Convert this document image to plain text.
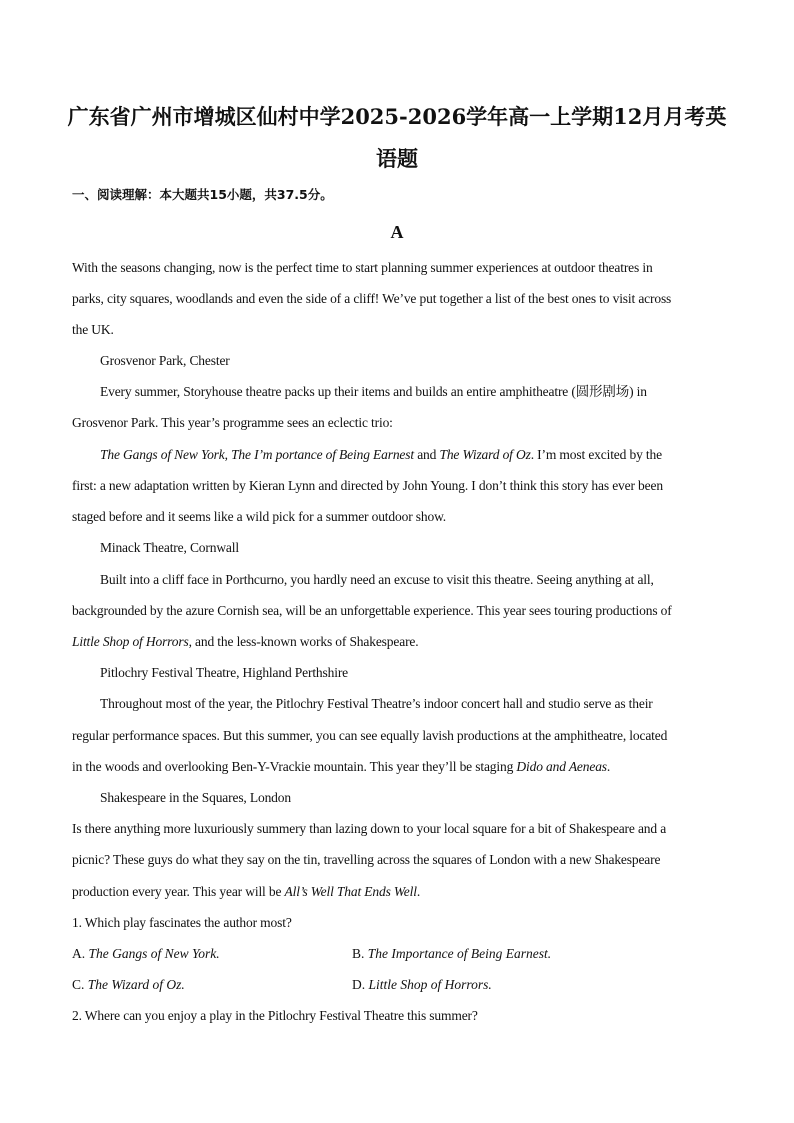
广东省广州市增城区仙村中学2025-2026学年高一上学期12月月考英
语题
一、阅读理解：本大题共15小题，共37.5分。
A
With the seasons changing, now is the perfect time to start planning summer experiences at outdoor theatres in
parks, city squares, woodlands and even the side of a cliff! We’ve put together a list of the best ones to visit across
the UK.
Grosvenor Park, Chester
Every summer, Storyhouse theatre packs up their items and builds an entire amphitheatre (圆形剧场) in
Grosvenor Park. This year’s programme sees an eclectic trio:
The Gangs of New York, The I’m portance of Being Earnest and The Wizard of Oz. I’m most excited by the
first: a new adaptation written by Kieran Lynn and directed by John Young. I don’t think this story has ever been
staged before and it seems like a wild pick for a summer outdoor show.
Minack Theatre, Cornwall
Built into a cliff face in Porthcurno, you hardly need an excuse to visit this theatre. Seeing anything at all,
backgrounded by the azure Cornish sea, will be an unforgettable experience. This year sees touring productions of
Little Shop of Horrors, and the less-known works of Shakespeare.
Pitlochry Festival Theatre, Highland Perthshire
Throughout most of the year, the Pitlochry Festival Theatre’s indoor concert hall and studio serve as their
regular performance spaces. But this summer, you can see equally lavish productions at the amphitheatre, located
in the woods and overlooking Ben-Y-Vrackie mountain. This year they’ll be staging Dido and Aeneas.
Shakespeare in the Squares, London
Is there anything more luxuriously summery than lazing down to your local square for a bit of Shakespeare and a
picnic? These guys do what they say on the tin, travelling across the squares of London with a new Shakespeare
production every year. This year will be All’s Well That Ends Well.
1. Which play fascinates the author most?
A. The Gangs of New York.	B. The Importance of Being Earnest.
C. The Wizard of Oz.	D. Little Shop of Horrors.
2. Where can you enjoy a play in the Pitlochry Festival Theatre this summer?
